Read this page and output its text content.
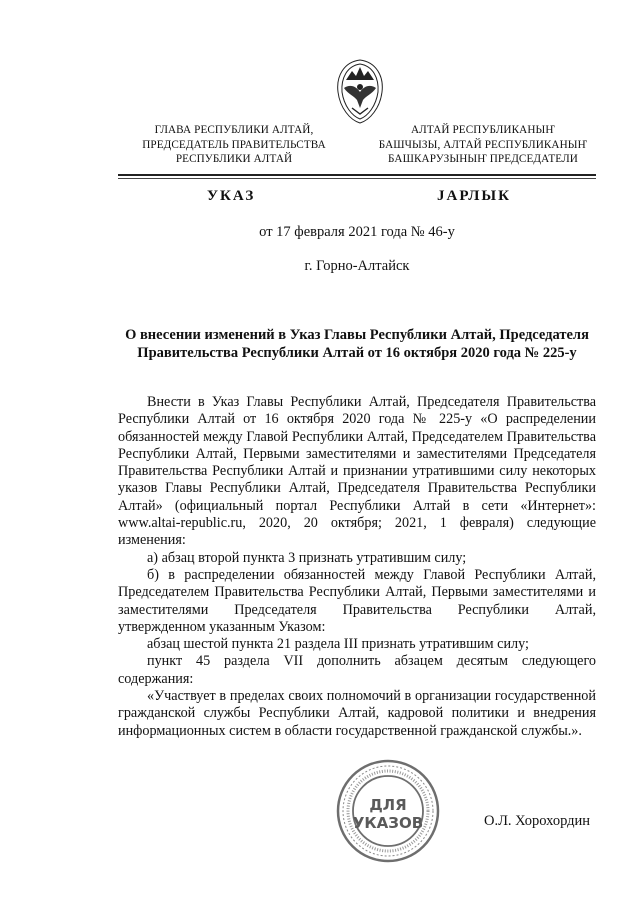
ГЛАВА РЕСПУБЛИКИ АЛТАЙ,
ПРЕДСЕДАТЕЛЬ ПРАВИТЕЛЬСТВА
РЕСПУБЛИКИ АЛТАЙ
АЛТАЙ РЕСПУБЛИКАНЫҤ
БАШЧЫЗЫ, АЛТАЙ РЕСПУБЛИКАНЫҤ
БАШКАРУЗЫНЫҤ ПРЕДСЕДАТЕЛИ
УКАЗ	JАРЛЫК
от 17 февраля 2021 года № 46-у
г. Горно-Алтайск
О внесении изменений в Указ Главы Республики Алтай, Председателя
Правительства Республики Алтай от 16 октября 2020 года № 225-у

Внести в Указ Главы Республики Алтай, Председателя Правительства Республики Алтай от 16 октября 2020 года № 225-у «О распределении обязанностей между Главой Республики Алтай, Председателем Правительства Республики Алтай, Первыми заместителями и заместителями Председателя Правительства Республики Алтай и признании утратившими силу некоторых указов Главы Республики Алтай, Председателя Правительства Республики Алтай» (официальный портал Республики Алтай в сети «Интернет»: www.altai-republic.ru, 2020, 20 октября; 2021, 1 февраля) следующие изменения:

а) абзац второй пункта 3 признать утратившим силу;

б) в распределении обязанностей между Главой Республики Алтай, Председателем Правительства Республики Алтай, Первыми заместителями и заместителями Председателя Правительства Республики Алтай, утвержденном указанным Указом:

абзац шестой пункта 21 раздела III признать утратившим силу;

пункт 45 раздела VII дополнить абзацем десятым следующего содержания:

«Участвует в пределах своих полномочий в организации государственной гражданской службы Республики Алтай, кадровой политики и внедрения информационных систем в области государственной гражданской службы.».

ДЛЯ
УКАЗОВ	О.Л. Хорохордин
